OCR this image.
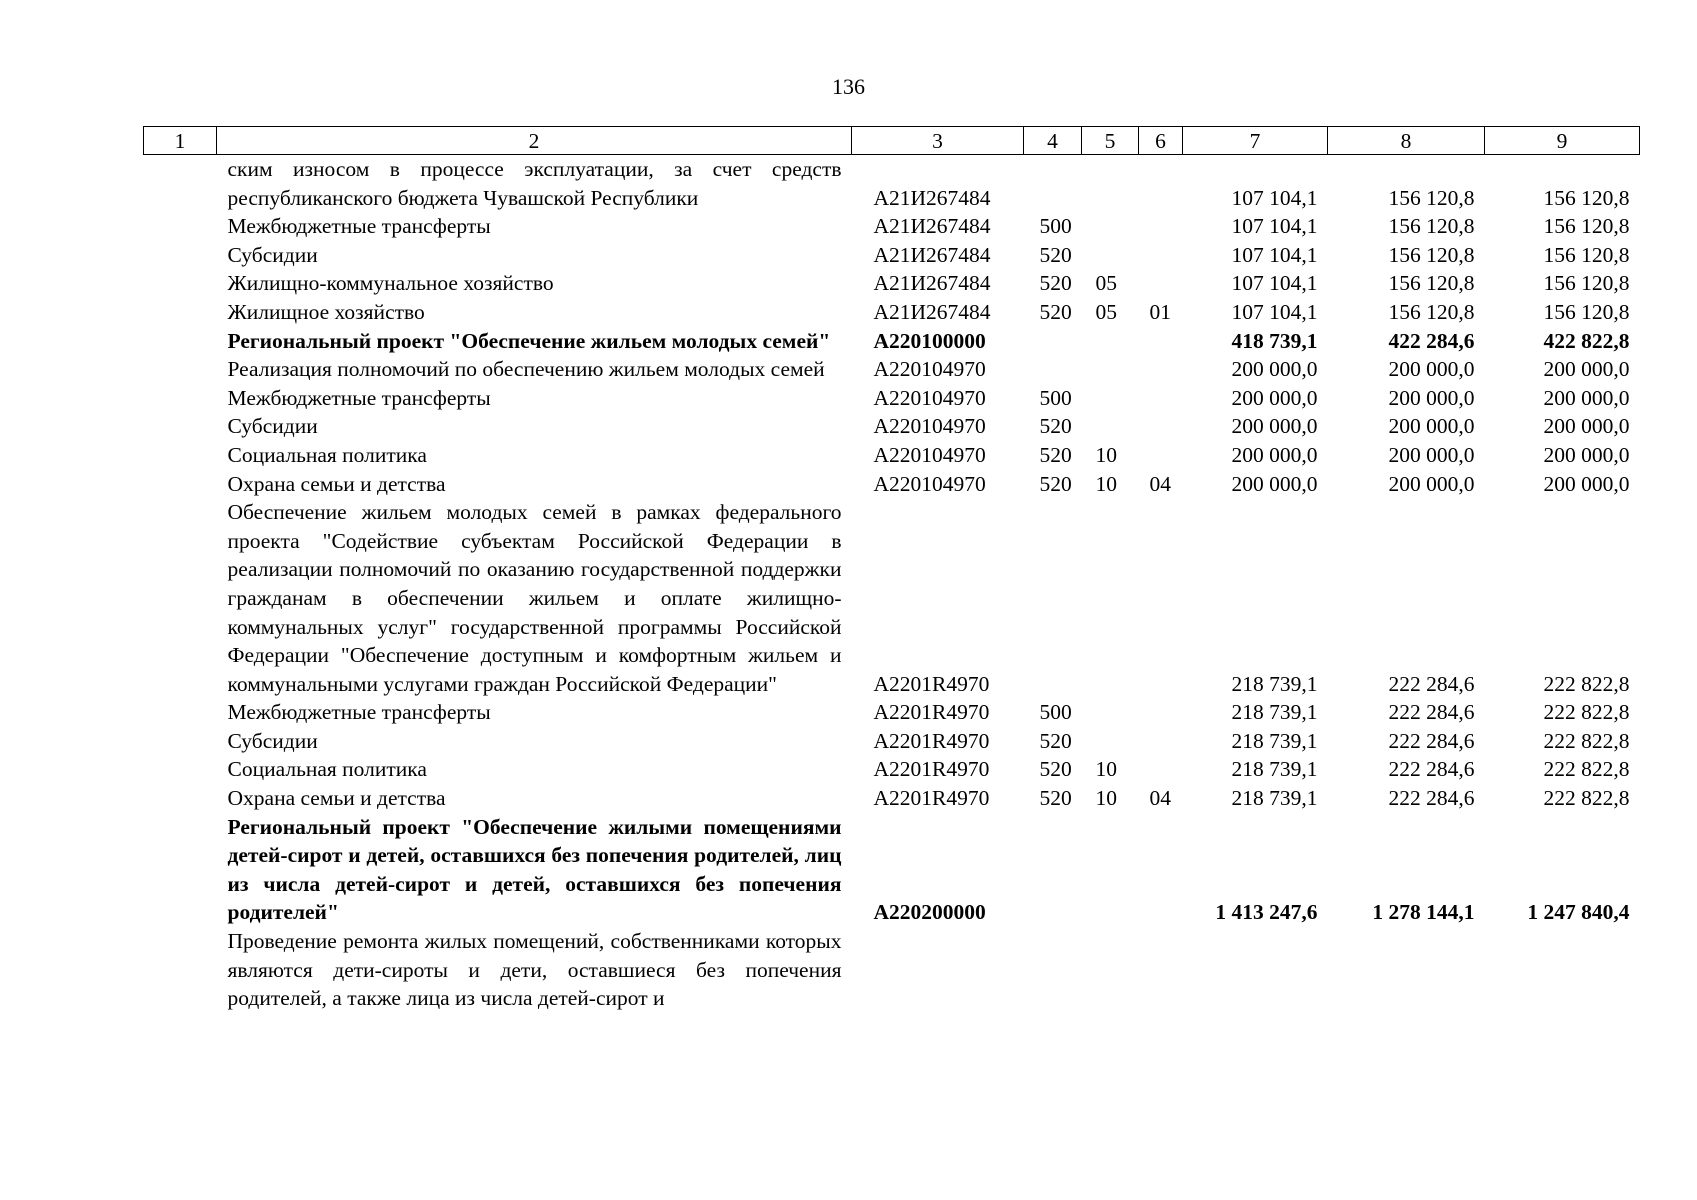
136
1	2	3	4	5	6	7	8	9
ским износом в процессе эксплуатации, за счет средств республиканского бюджета Чувашской Республики		А21И267484				107 104,1	156 120,8	156 120,8
Межбюджетные трансферты		А21И267484	500			107 104,1	156 120,8	156 120,8
Субсидии		А21И267484	520			107 104,1	156 120,8	156 120,8
Жилищно-коммунальное хозяйство		А21И267484	520	05		107 104,1	156 120,8	156 120,8
Жилищное хозяйство		А21И267484	520	05	01	107 104,1	156 120,8	156 120,8
Региональный проект "Обеспечение жильем молодых семей"		А220100000				418 739,1	422 284,6	422 822,8
Реализация полномочий по обеспечению жильем молодых семей		А220104970				200 000,0	200 000,0	200 000,0
Межбюджетные трансферты		А220104970	500			200 000,0	200 000,0	200 000,0
Субсидии		А220104970	520			200 000,0	200 000,0	200 000,0
Социальная политика		А220104970	520	10		200 000,0	200 000,0	200 000,0
Охрана семьи и детства		А220104970	520	10	04	200 000,0	200 000,0	200 000,0
Обеспечение жильем молодых семей в рамках федерального проекта "Содействие субъектам Российской Федерации в реализации полномочий по оказанию государственной поддержки гражданам в обеспечении жильем и оплате жилищно-коммунальных услуг" государственной программы Российской Федерации "Обеспечение доступным и комфортным жильем и коммунальными услугами граждан Российской Федерации"		А2201R4970				218 739,1	222 284,6	222 822,8
Межбюджетные трансферты		А2201R4970	500			218 739,1	222 284,6	222 822,8
Субсидии		А2201R4970	520			218 739,1	222 284,6	222 822,8
Социальная политика		А2201R4970	520	10		218 739,1	222 284,6	222 822,8
Охрана семьи и детства		А2201R4970	520	10	04	218 739,1	222 284,6	222 822,8
Региональный проект "Обеспечение жилыми помещениями детей-сирот и детей, оставшихся без попечения родителей, лиц из числа детей-сирот и детей, оставшихся без попечения родителей"		А220200000				1 413 247,6	1 278 144,1	1 247 840,4
Проведение ремонта жилых помещений, собственниками которых являются дети-сироты и дети, оставшиеся без попечения родителей, а также лица из числа детей-сирот и								
